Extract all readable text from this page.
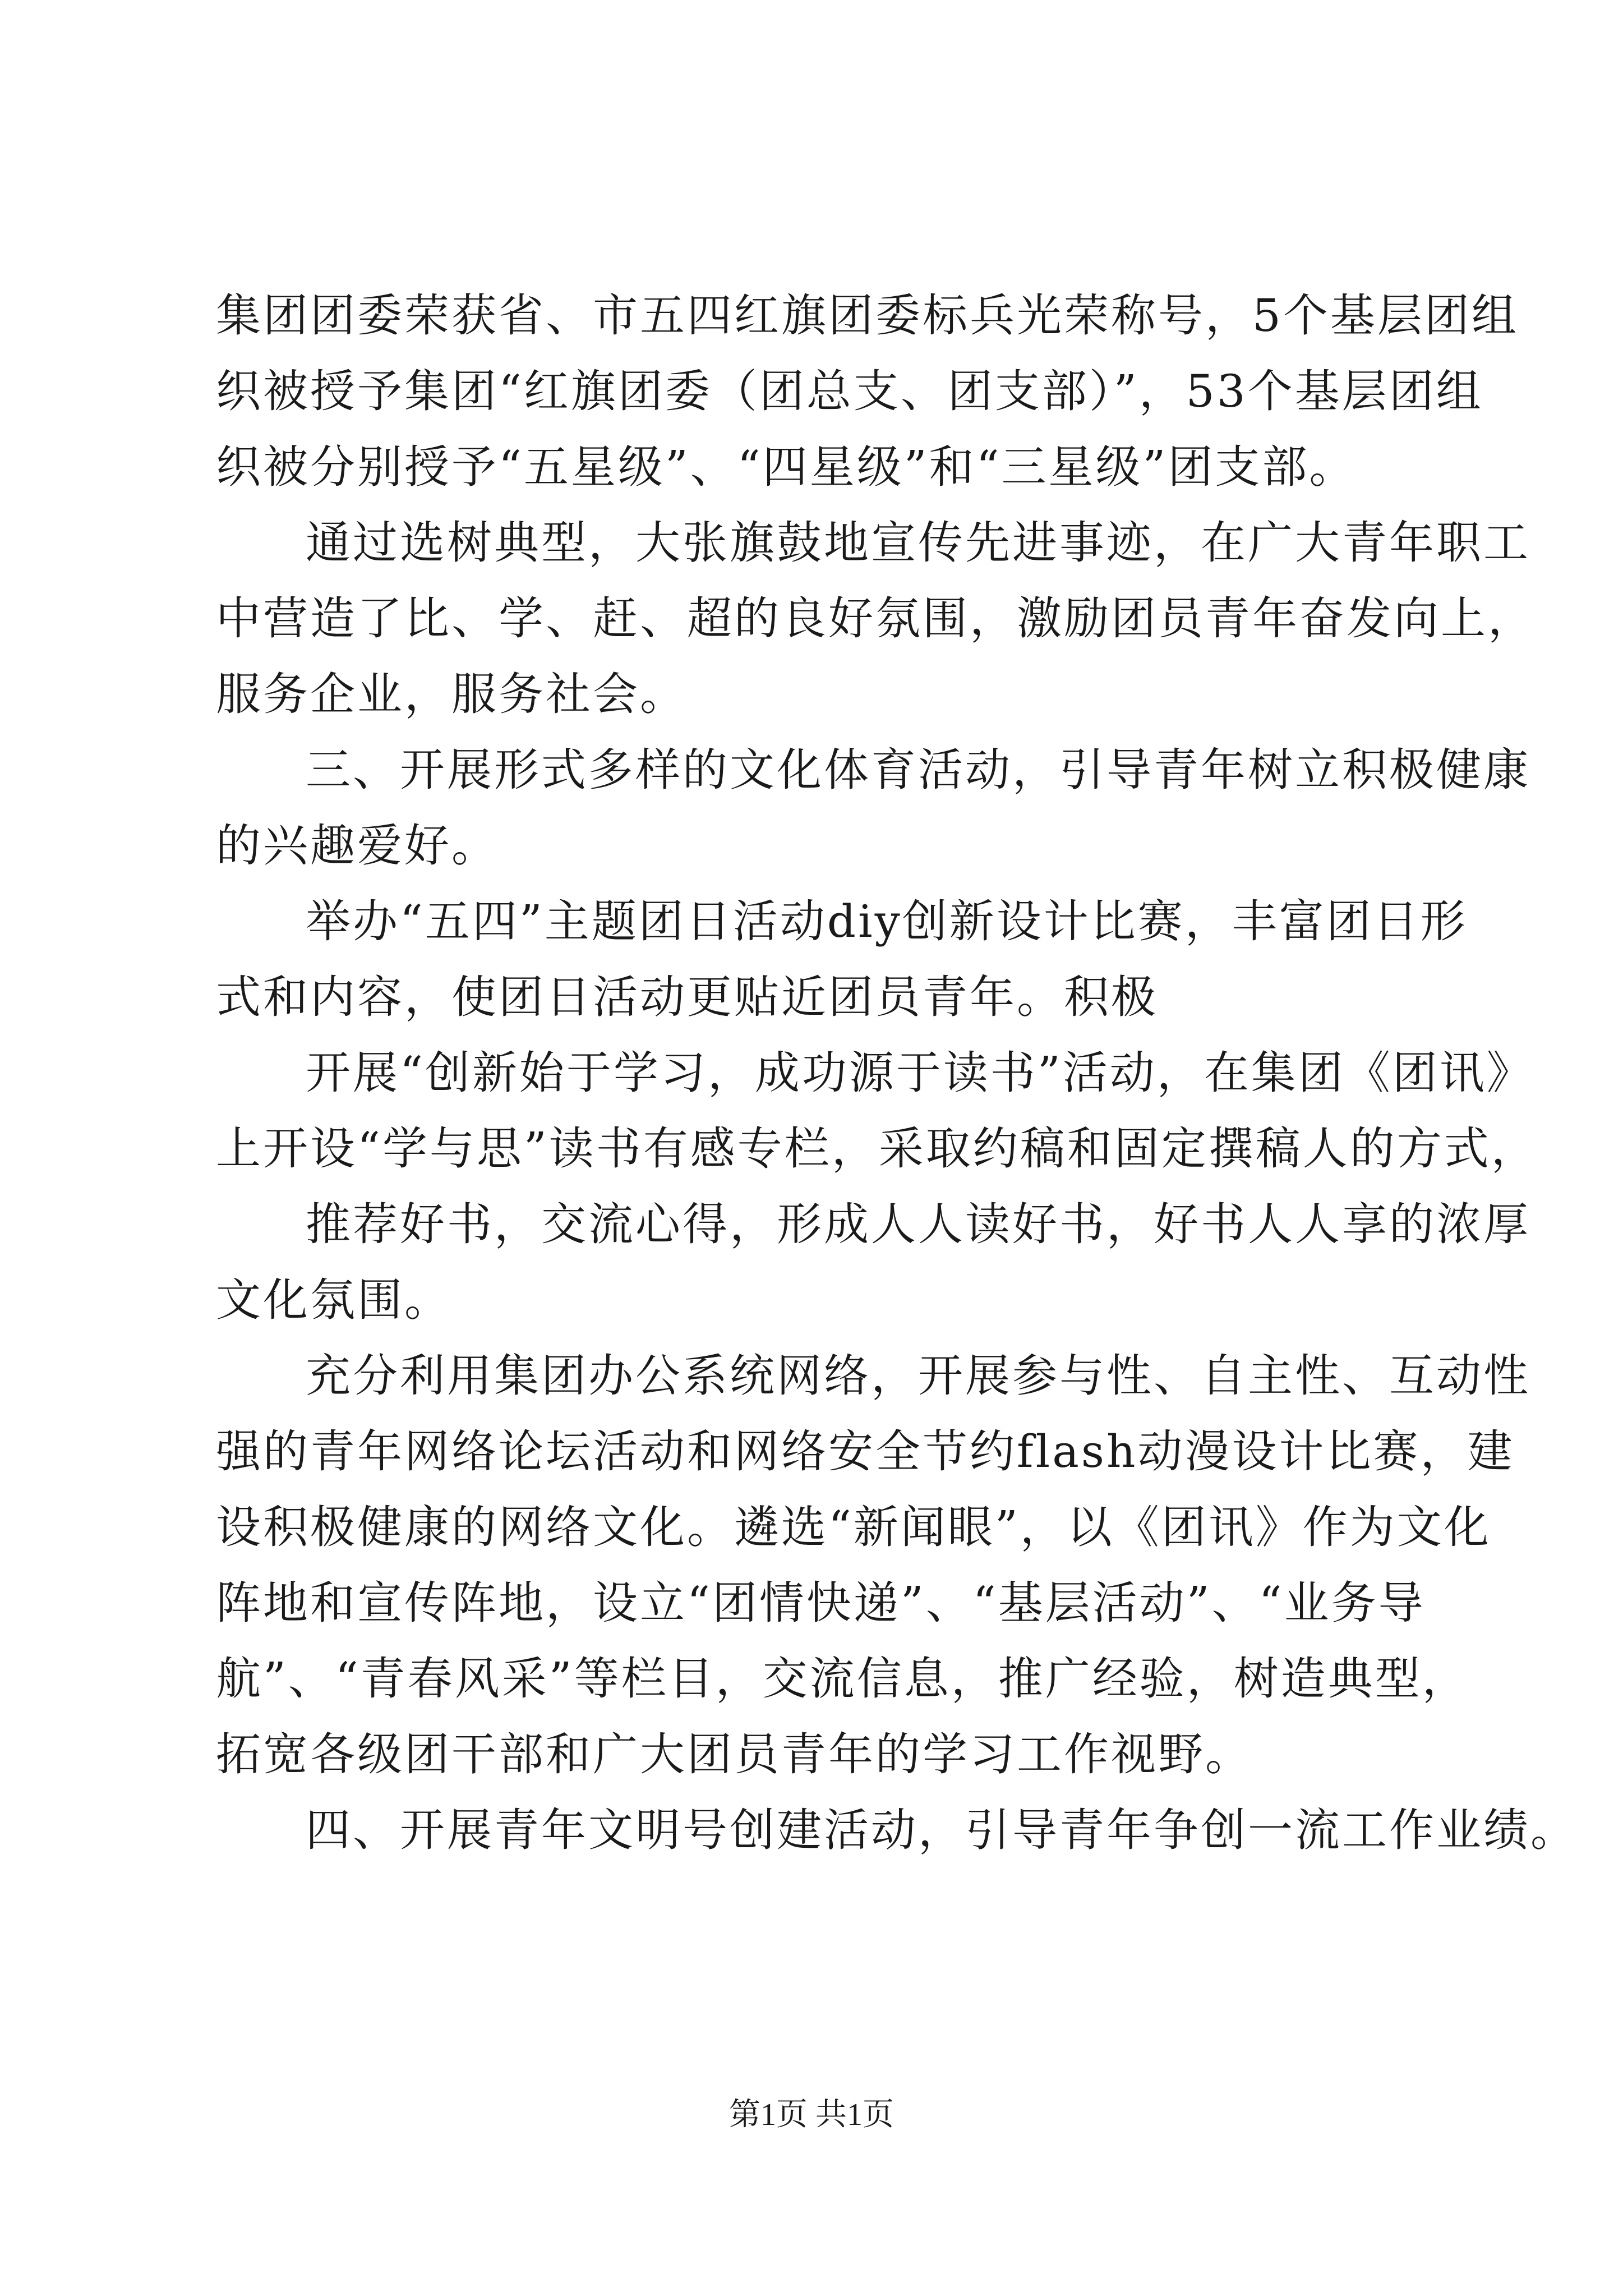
集团团委荣获省、市五四红旗团委标兵光荣称号，5个基层团组
织被授予集团“红旗团委（团总支、团支部）”，53个基层团组
织被分别授予“五星级”、“四星级”和“三星级”团支部。
通过选树典型，大张旗鼓地宣传先进事迹，在广大青年职工
中营造了比、学、赶、超的良好氛围，激励团员青年奋发向上，
服务企业，服务社会。
三、开展形式多样的文化体育活动，引导青年树立积极健康
的兴趣爱好。
举办“五四”主题团日活动diy创新设计比赛，丰富团日形
式和内容，使团日活动更贴近团员青年。积极
开展“创新始于学习，成功源于读书”活动，在集团《团讯》
上开设“学与思”读书有感专栏，采取约稿和固定撰稿人的方式，
推荐好书，交流心得，形成人人读好书，好书人人享的浓厚
文化氛围。
充分利用集团办公系统网络，开展参与性、自主性、互动性
强的青年网络论坛活动和网络安全节约flash动漫设计比赛，建
设积极健康的网络文化。遴选“新闻眼”，以《团讯》作为文化
阵地和宣传阵地，设立“团情快递”、“基层活动”、“业务导
航”、“青春风采”等栏目，交流信息，推广经验，树造典型，
拓宽各级团干部和广大团员青年的学习工作视野。
四、开展青年文明号创建活动，引导青年争创一流工作业绩。
第1页 共1页
